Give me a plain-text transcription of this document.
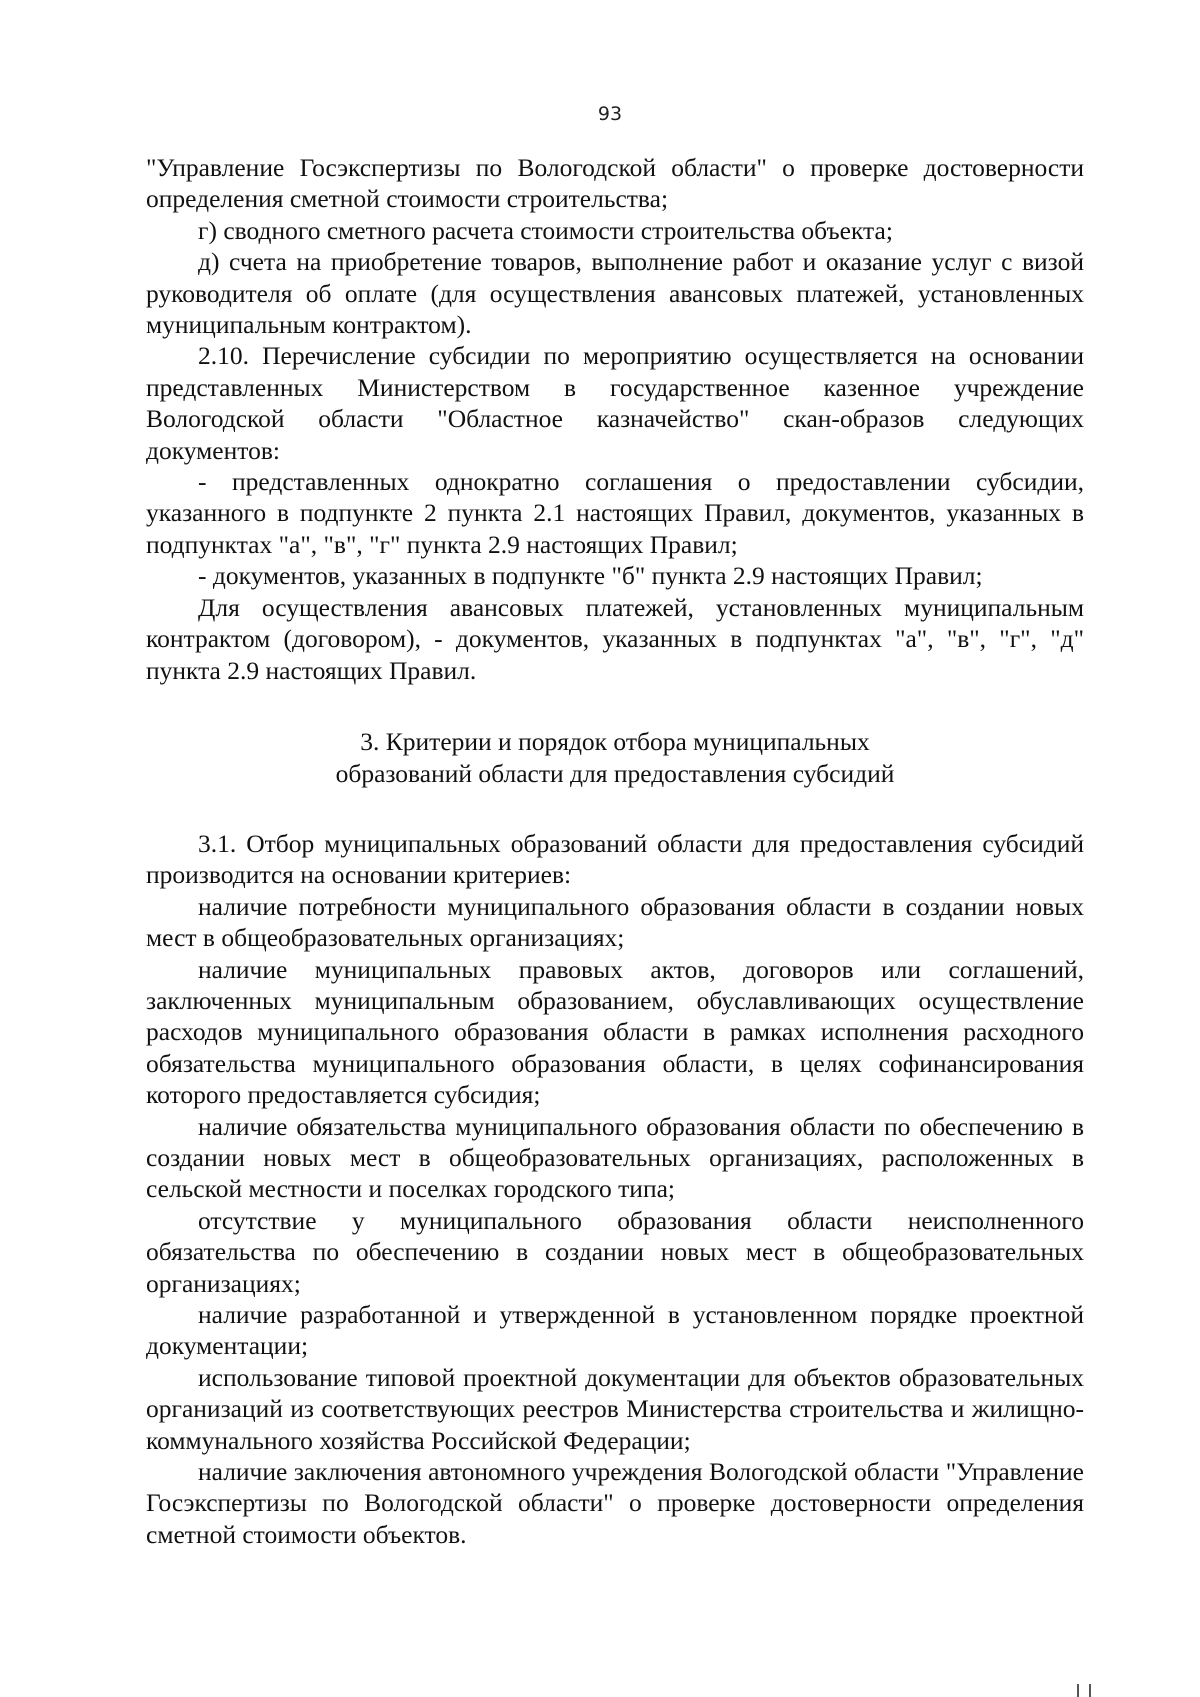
93

"Управление Госэкспертизы по Вологодской области" о проверке достоверности определения сметной стоимости строительства;

г) сводного сметного расчета стоимости строительства объекта;

д) счета на приобретение товаров, выполнение работ и оказание услуг с визой руководителя об оплате (для осуществления авансовых платежей, установленных муниципальным контрактом).

2.10. Перечисление субсидии по мероприятию осуществляется на основании представленных Министерством в государственное казенное учреждение Вологодской области "Областное казначейство" скан-образов следующих документов:

- представленных однократно соглашения о предоставлении субсидии, указанного в подпункте 2 пункта 2.1 настоящих Правил, документов, указанных в подпунктах "а", "в", "г" пункта 2.9 настоящих Правил;

- документов, указанных в подпункте "б" пункта 2.9 настоящих Правил;

Для осуществления авансовых платежей, установленных муниципальным контрактом (договором), - документов, указанных в подпунктах "а", "в", "г", "д" пункта 2.9 настоящих Правил.

3. Критерии и порядок отбора муниципальных
образований области для предоставления субсидий

3.1. Отбор муниципальных образований области для предоставления субсидий производится на основании критериев:

наличие потребности муниципального образования области в создании новых мест в общеобразовательных организациях;

наличие муниципальных правовых актов, договоров или соглашений, заключенных муниципальным образованием, обуславливающих осуществление расходов муниципального образования области в рамках исполнения расходного обязательства муниципального образования области, в целях софинансирования которого предоставляется субсидия;

наличие обязательства муниципального образования области по обеспечению в создании новых мест в общеобразовательных организациях, расположенных в сельской местности и поселках городского типа;

отсутствие у муниципального образования области неисполненного обязательства по обеспечению в создании новых мест в общеобразовательных организациях;

наличие разработанной и утвержденной в установленном порядке проектной документации;

использование типовой проектной документации для объектов образовательных организаций из соответствующих реестров Министерства строительства и жилищно-коммунального хозяйства Российской Федерации;

наличие заключения автономного учреждения Вологодской области "Управление Госэкспертизы по Вологодской области" о проверке достоверности определения сметной стоимости объектов.
